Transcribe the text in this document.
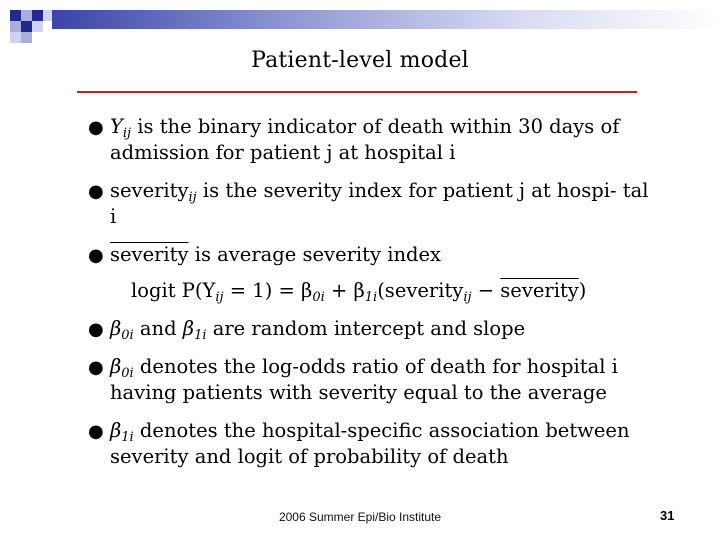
Patient-level model
● $Y_{ij}$ is the binary indicator of death within 30 days of admission for patient j at hospital i
● severity$_{ij}$ is the severity index for patient j at hospi- tal i
● severity is average severity index
logit $P(Y_{ij} = 1) = \beta_{0i}$ + $\beta_{1i}(severity_{ij}$ − severity)
● $\beta_{0i}$ and $\beta_{1i}$ are random intercept and slope
● $\beta_{0i}$ denotes the log-odds ratio of death for hospital i having patients with severity equal to the average
● $\beta_{1i}$ denotes the hospital-specific association between severity and logit of probability of death
2006 Summer Epi/Bio Institute	31
